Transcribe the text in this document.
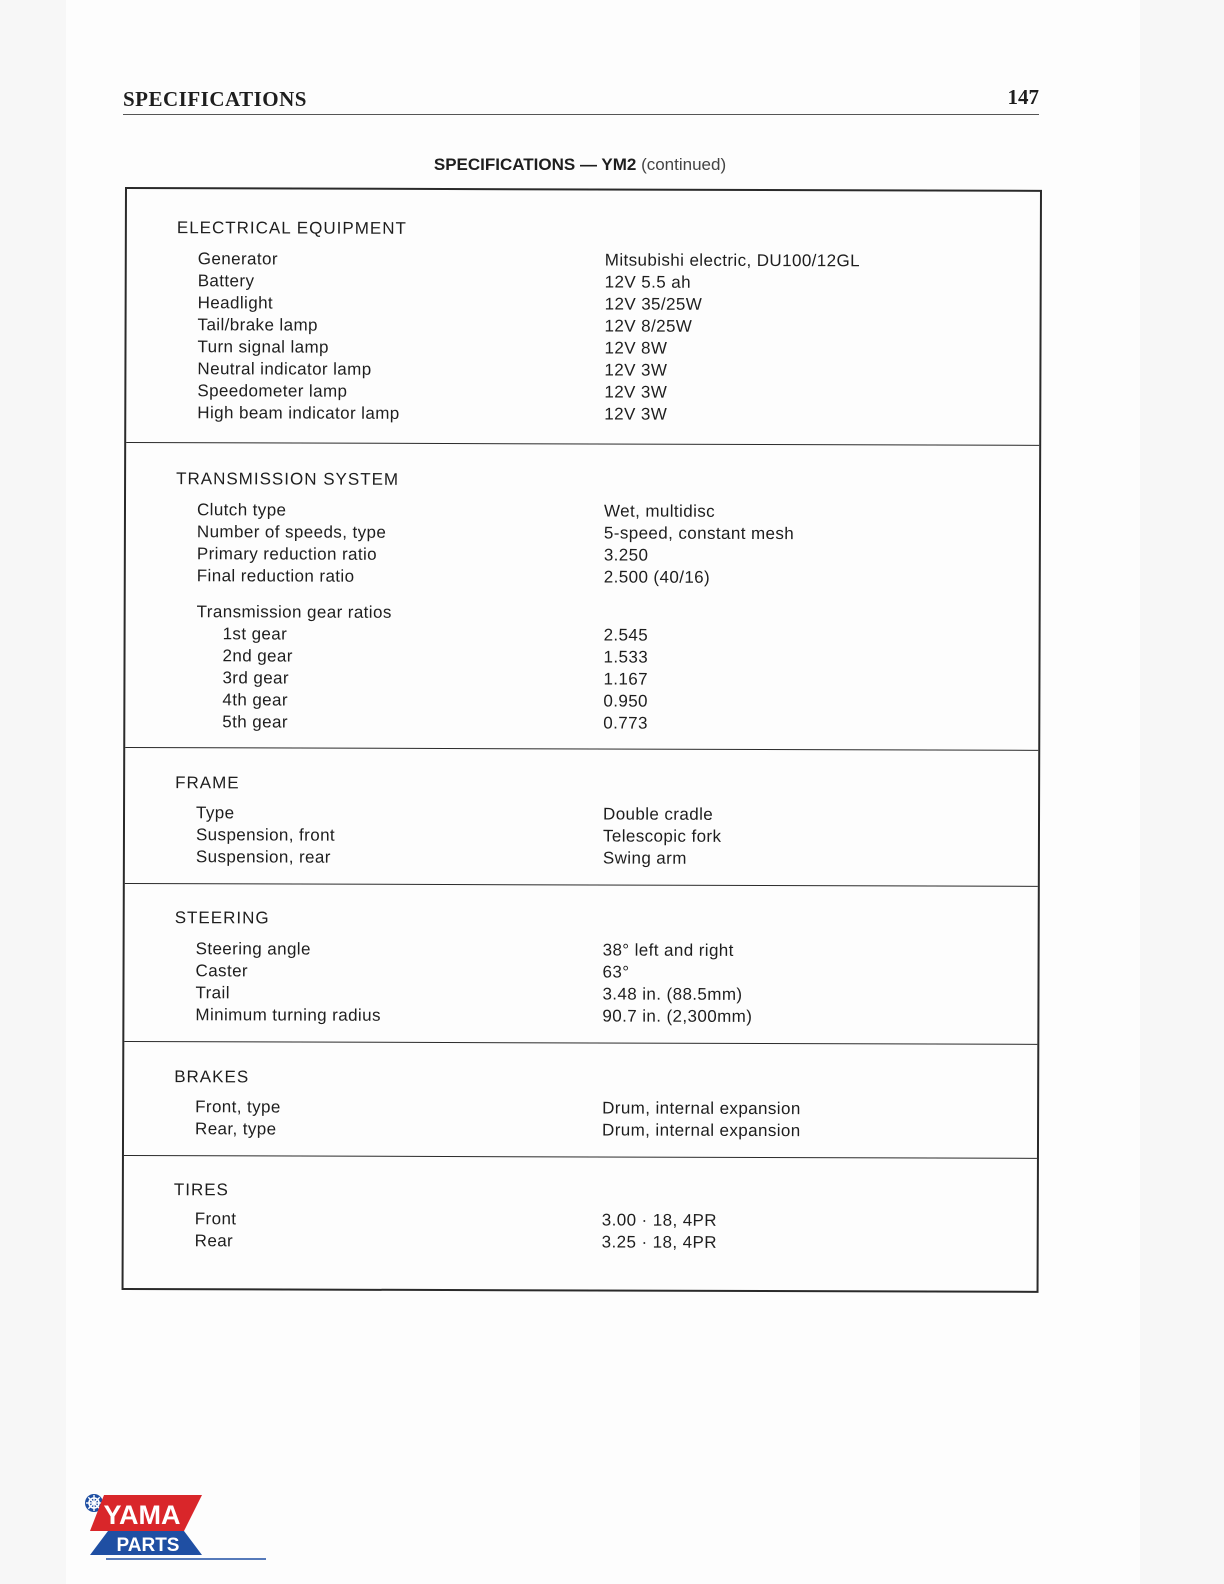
SPECIFICATIONS	147
SPECIFICATIONS — YM2 (continued)
ELECTRICAL EQUIPMENT
Generator	Mitsubishi electric, DU100/12GL
Battery	12V 5.5 ah
Headlight	12V 35/25W
Tail/brake lamp	12V 8/25W
Turn signal lamp	12V 8W
Neutral indicator lamp	12V 3W
Speedometer lamp	12V 3W
High beam indicator lamp	12V 3W
TRANSMISSION SYSTEM
Clutch type	Wet, multidisc
Number of speeds, type	5-speed, constant mesh
Primary reduction ratio	3.250
Final reduction ratio	2.500 (40/16)
Transmission gear ratios
1st gear	2.545
2nd gear	1.533
3rd gear	1.167
4th gear	0.950
5th gear	0.773
FRAME
Type	Double cradle
Suspension, front	Telescopic fork
Suspension, rear	Swing arm
STEERING
Steering angle	38° left and right
Caster	63°
Trail	3.48 in. (88.5mm)
Minimum turning radius	90.7 in. (2,300mm)
BRAKES
Front, type	Drum, internal expansion
Rear, type	Drum, internal expansion
TIRES
Front	3.00 · 18, 4PR
Rear	3.25 · 18, 4PR
YAMA
PARTS
